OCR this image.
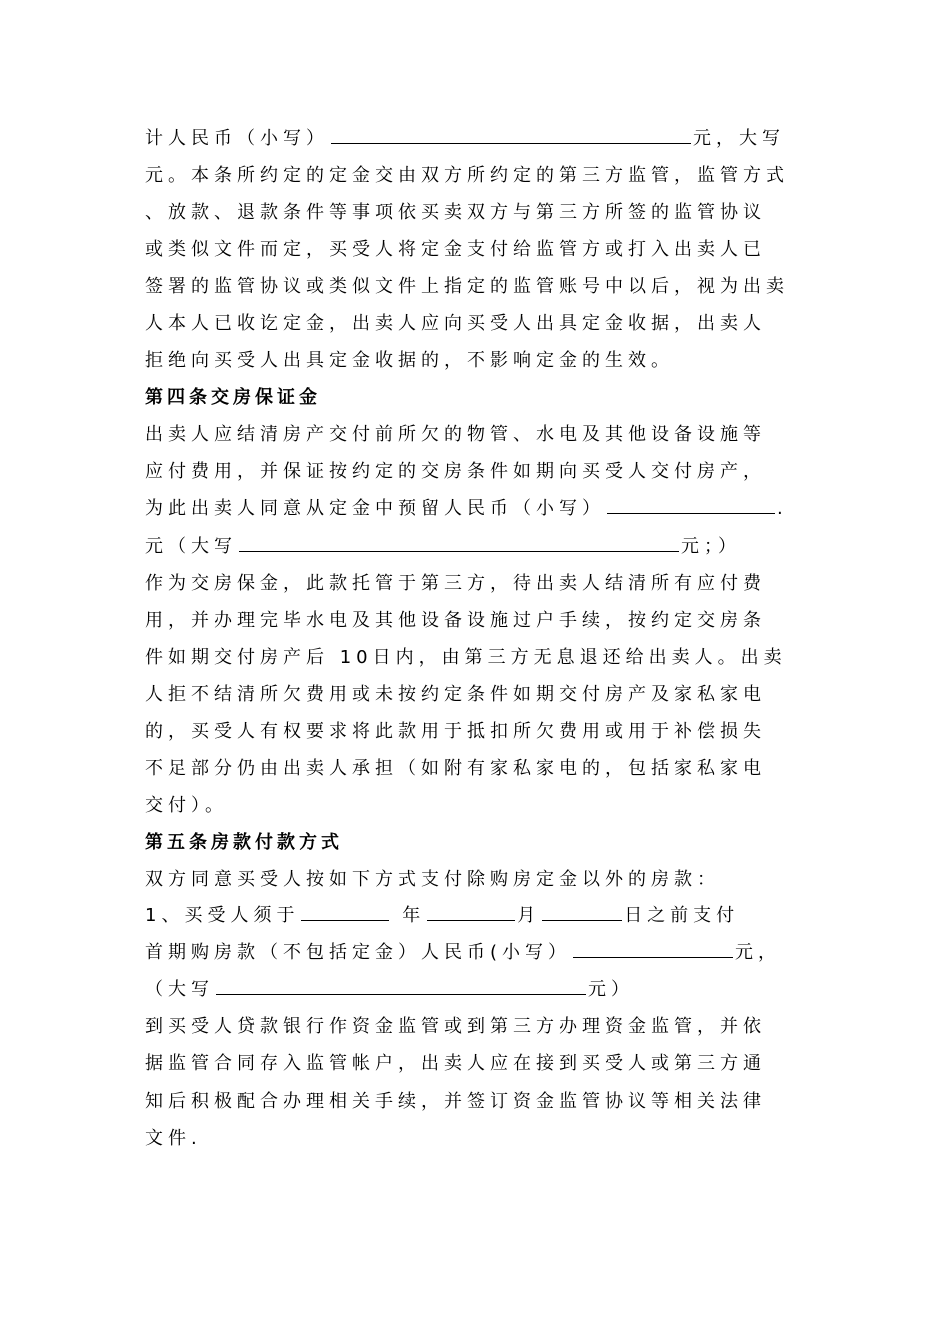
计人民币（小写）	元，大写
元。本条所约定的定金交由双方所约定的第三方监管，监管方式
、放款、退款条件等事项依买卖双方与第三方所签的监管协议
或类似文件而定，买受人将定金支付给监管方或打入出卖人已
签署的监管协议或类似文件上指定的监管账号中以后，视为出卖
人本人已收讫定金，出卖人应向买受人出具定金收据，出卖人
拒绝向买受人出具定金收据的，不影响定金的生效。
第四条交房保证金
出卖人应结清房产交付前所欠的物管、水电及其他设备设施等
应付费用，并保证按约定的交房条件如期向买受人交付房产，
为此出卖人同意从定金中预留人民币（小写）	.
元（大写	元；）
作为交房保金，此款托管于第三方，待出卖人结清所有应付费
用，并办理完毕水电及其他设备设施过户手续，按约定交房条
件如期交付房产后 10日内，由第三方无息退还给出卖人。出卖
人拒不结清所欠费用或未按约定条件如期交付房产及家私家电
的，买受人有权要求将此款用于抵扣所欠费用或用于补偿损失
不足部分仍由出卖人承担（如附有家私家电的，包括家私家电
交付）。
第五条房款付款方式
双方同意买受人按如下方式支付除购房定金以外的房款：
1、买受人须于	年	月	日之前支付
首期购房款（不包括定金）人民币(小写）	元，
（大写	元）
到买受人贷款银行作资金监管或到第三方办理资金监管，并依
据监管合同存入监管帐户，出卖人应在接到买受人或第三方通
知后积极配合办理相关手续，并签订资金监管协议等相关法律
文件.
